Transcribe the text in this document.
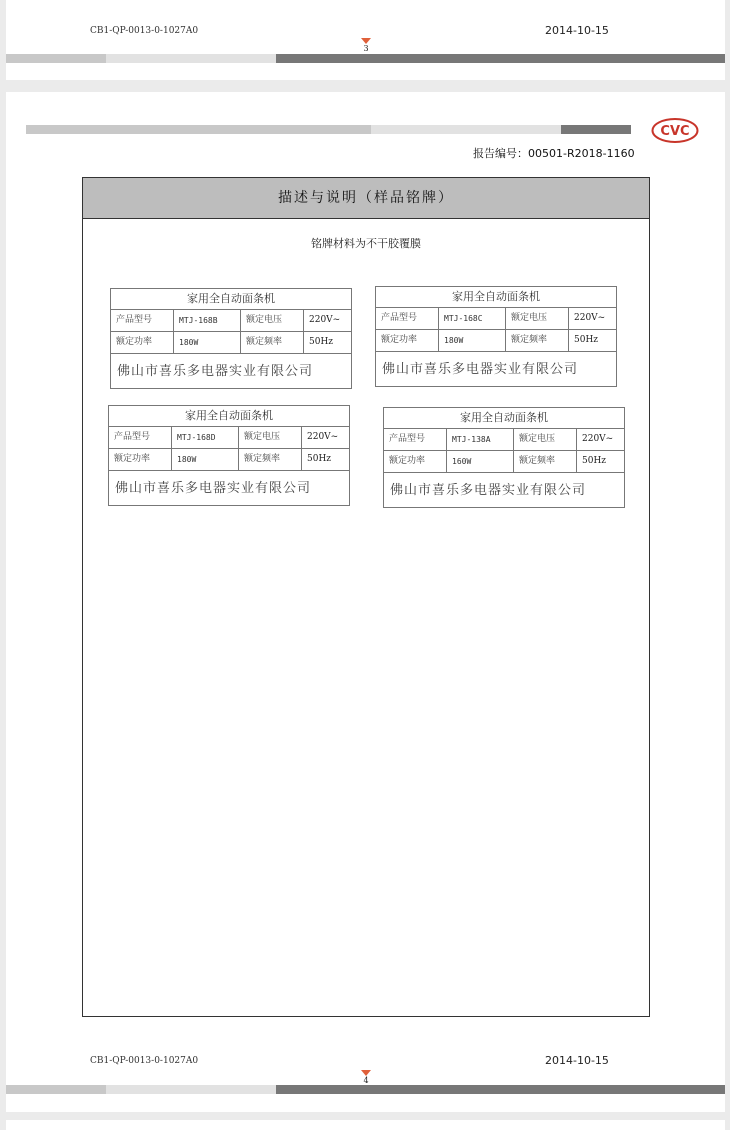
CB1-QP-0013-0-1027A0	2014-10-15
3
CVC
报告编号：00501-R2018-1160
描述与说明（样品铭牌）
铭牌材料为不干胶覆膜
家用全自动面条机
产品型号	MTJ-168B	额定电压	220V~
额定功率	180W	额定频率	50Hz
佛山市喜乐多电器实业有限公司
家用全自动面条机
产品型号	MTJ-168C	额定电压	220V~
额定功率	180W	额定频率	50Hz
佛山市喜乐多电器实业有限公司
家用全自动面条机
产品型号	MTJ-168D	额定电压	220V~
额定功率	180W	额定频率	50Hz
佛山市喜乐多电器实业有限公司
家用全自动面条机
产品型号	MTJ-138A	额定电压	220V~
额定功率	160W	额定频率	50Hz
佛山市喜乐多电器实业有限公司
CB1-QP-0013-0-1027A0	2014-10-15
4
